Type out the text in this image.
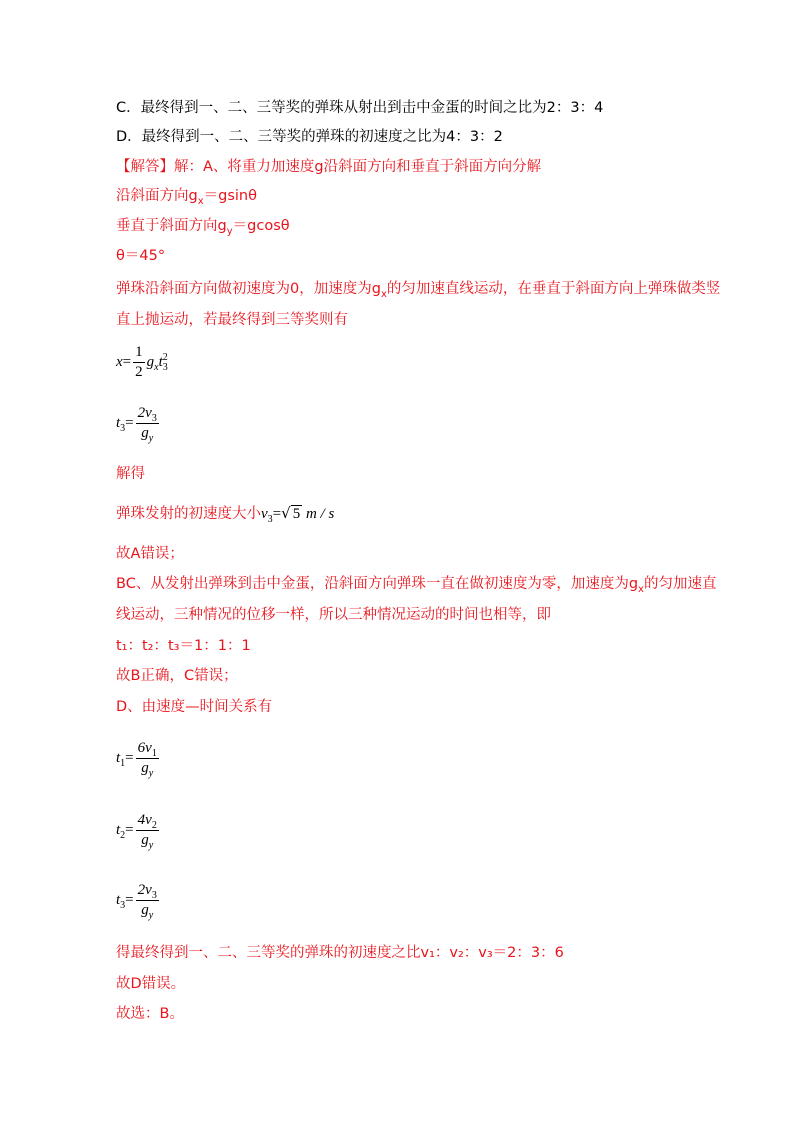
C．最终得到一、二、三等奖的弹珠从射出到击中金蛋的时间之比为2：3：4
D．最终得到一、二、三等奖的弹珠的初速度之比为4：3：2
【解答】解：A、将重力加速度g沿斜面方向和垂直于斜面方向分解
沿斜面方向$g_x=gsin\theta$
垂直于斜面方向$g_y=gcos\theta$
θ＝45°
弹珠沿斜面方向做初速度为0，加速度为$g_x$的匀加速直线运动，在垂直于斜面方向上弹珠做类竖
直上抛运动，若最终得到三等奖则有
$x= \frac{1}{2} g_xt$ 2
3
$t_3= \frac{2v_3}{g_y}$
解得
弹珠发射的初速度大小$v_3=√$ 5 m / s
故A错误；
BC、从发射出弹珠到击中金蛋，沿斜面方向弹珠一直在做初速度为零，加速度为$g_x$的匀加速直
线运动，三种情况的位移一样，所以三种情况运动的时间也相等，即
t₁：t₂：t₃＝1：1：1
故B正确，C错误；
D、由速度—时间关系有
$t_1= \frac{6v_1}{g_y}$
$t_2= \frac{4v_2}{g_y}$
$t_3= \frac{2v_3}{g_y}$
得最终得到一、二、三等奖的弹珠的初速度之比v₁：v₂：v₃＝2：3：6
故D错误。
故选：B。
